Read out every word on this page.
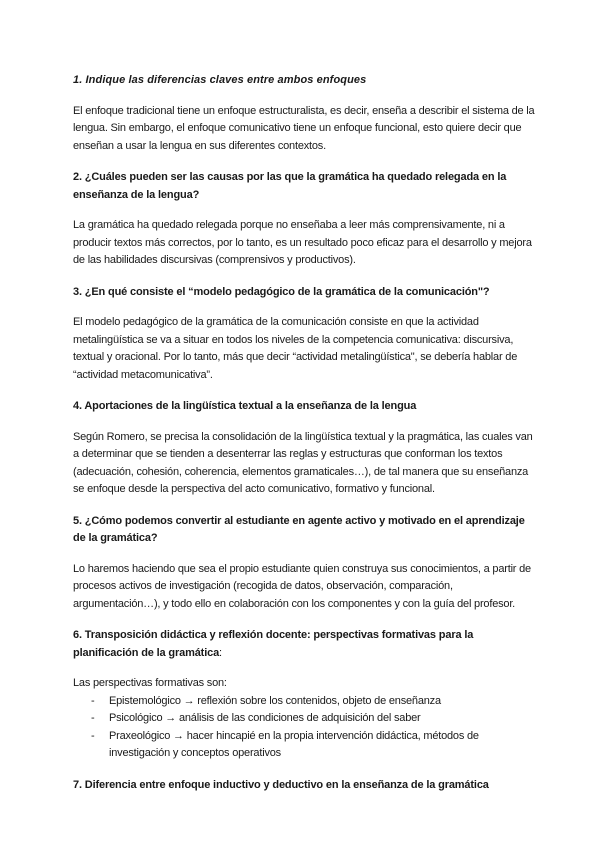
1. Indique las diferencias claves entre ambos enfoques

El enfoque tradicional tiene un enfoque estructuralista, es decir, enseña a describir el sistema de la lengua. Sin embargo, el enfoque comunicativo tiene un enfoque funcional, esto quiere decir que enseñan a usar la lengua en sus diferentes contextos.

2. ¿Cuáles pueden ser las causas por las que la gramática ha quedado relegada en la enseñanza de la lengua?

La gramática ha quedado relegada porque no enseñaba a leer más comprensivamente, ni a producir textos más correctos, por lo tanto, es un resultado poco eficaz para el desarrollo y mejora de las habilidades discursivas (comprensivos y productivos).

3. ¿En qué consiste el “modelo pedagógico de la gramática de la comunicación"?

El modelo pedagógico de la gramática de la comunicación consiste en que la actividad metalingüística se va a situar en todos los niveles de la competencia comunicativa: discursiva, textual y oracional. Por lo tanto, más que decir “actividad metalingüística", se debería hablar de “actividad metacomunicativa”.

4. Aportaciones de la lingüística textual a la enseñanza de la lengua

Según Romero, se precisa la consolidación de la lingüística textual y la pragmática, las cuales van a determinar que se tienden a desenterrar las reglas y estructuras que conforman los textos (adecuación, cohesión, coherencia, elementos gramaticales…), de tal manera que su enseñanza se enfoque desde la perspectiva del acto comunicativo, formativo y funcional.

5. ¿Cómo podemos convertir al estudiante en agente activo y motivado en el aprendizaje de la gramática?

Lo haremos haciendo que sea el propio estudiante quien construya sus conocimientos, a partir de procesos activos de investigación (recogida de datos, observación, comparación, argumentación…), y todo ello en colaboración con los componentes y con la guía del profesor.

6. Transposición didáctica y reflexión docente: perspectivas formativas para la planificación de la gramática:

Las perspectivas formativas son:

- Epistemológico → reflexión sobre los contenidos, objeto de enseñanza
- Psicológico → análisis de las condiciones de adquisición del saber
- Praxeológico → hacer hincapié en la propia intervención didáctica, métodos de investigación y conceptos operativos

7. Diferencia entre enfoque inductivo y deductivo en la enseñanza de la gramática
